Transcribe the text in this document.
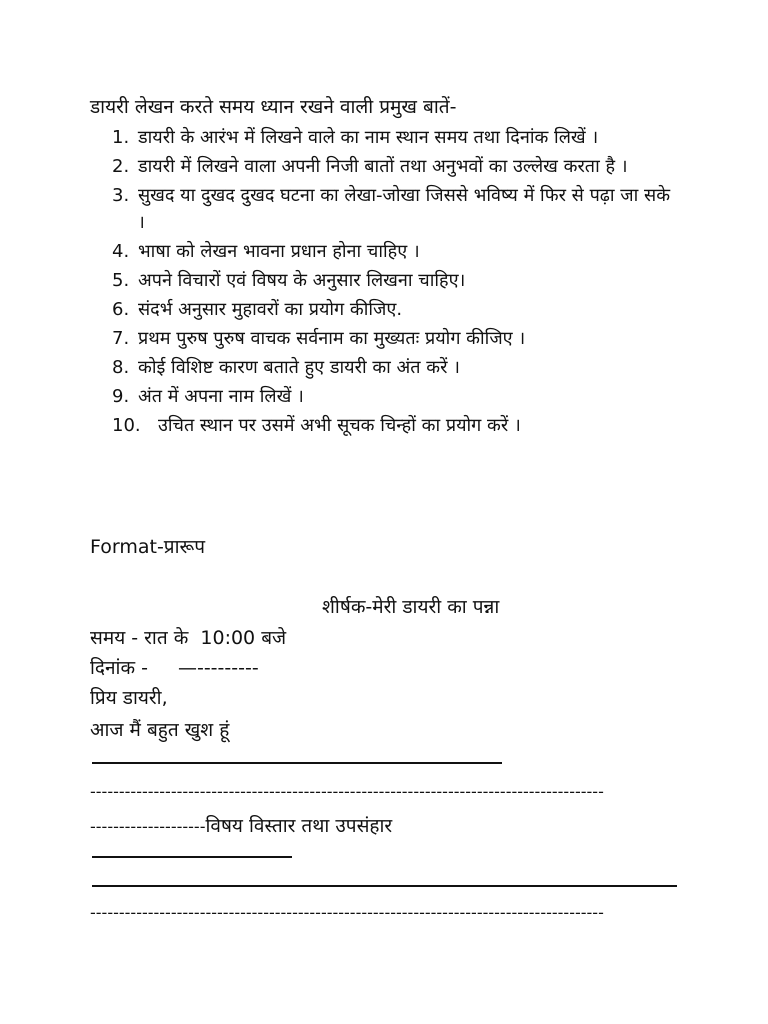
डायरी लेखन करते समय ध्यान रखने वाली प्रमुख बातें-
1. डायरी के आरंभ में लिखने वाले का नाम स्थान समय तथा दिनांक लिखें ।
2. डायरी में लिखने वाला अपनी निजी बातों तथा अनुभवों का उल्लेख करता है ।
3. सुखद या दुखद दुखद घटना का लेखा-जोखा जिससे भविष्य में फिर से पढ़ा जा सके ।
4. भाषा को लेखन भावना प्रधान होना चाहिए ।
5. अपने विचारों एवं विषय के अनुसार लिखना चाहिए।
6. संदर्भ अनुसार मुहावरों का प्रयोग कीजिए.
7. प्रथम पुरुष पुरुष वाचक सर्वनाम का मुख्यतः प्रयोग कीजिए ।
8. कोई विशिष्ट कारण बताते हुए डायरी का अंत करें ।
9. अंत में अपना नाम लिखें ।
10. उचित स्थान पर उसमें अभी सूचक चिन्हों का प्रयोग करें ।
Format-प्रारूप
शीर्षक-मेरी डायरी का पन्ना
समय - रात के  10:00 बजे
दिनांक - —---------
प्रिय डायरी,
आज मैं बहुत खुश हूं
-----------------------------------------------------------------------------------------
--------------------विषय विस्तार तथा उपसंहार
-----------------------------------------------------------------------------------------
